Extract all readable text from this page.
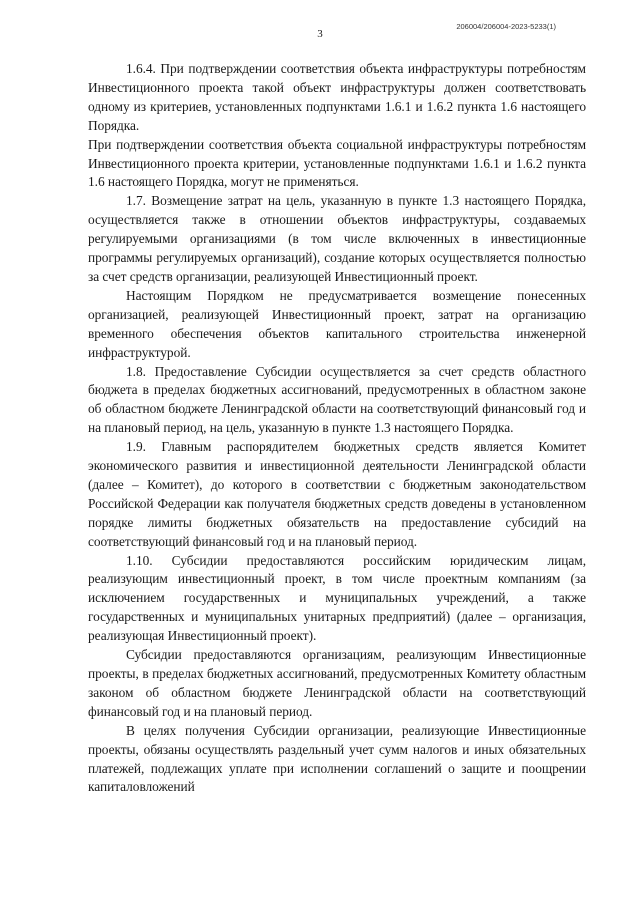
3
206004/206004-2023-5233(1)

1.6.4. При подтверждении соответствия объекта инфраструктуры потребностям Инвестиционного проекта такой объект инфраструктуры должен соответствовать одному из критериев, установленных подпунктами 1.6.1 и 1.6.2 пункта 1.6 настоящего Порядка.

При подтверждении соответствия объекта социальной инфраструктуры потребностям Инвестиционного проекта критерии, установленные подпунктами 1.6.1 и 1.6.2 пункта 1.6 настоящего Порядка, могут не применяться.

1.7. Возмещение затрат на цель, указанную в пункте 1.3 настоящего Порядка, осуществляется также в отношении объектов инфраструктуры, создаваемых регулируемыми организациями (в том числе включенных в инвестиционные программы регулируемых организаций), создание которых осуществляется полностью за счет средств организации, реализующей Инвестиционный проект.

Настоящим Порядком не предусматривается возмещение понесенных организацией, реализующей Инвестиционный проект, затрат на организацию временного обеспечения объектов капитального строительства инженерной инфраструктурой.

1.8. Предоставление Субсидии осуществляется за счет средств областного бюджета в пределах бюджетных ассигнований, предусмотренных в областном законе об областном бюджете Ленинградской области на соответствующий финансовый год и на плановый период, на цель, указанную в пункте 1.3 настоящего Порядка.

1.9. Главным распорядителем бюджетных средств является Комитет экономического развития и инвестиционной деятельности Ленинградской области (далее – Комитет), до которого в соответствии с бюджетным законодательством Российской Федерации как получателя бюджетных средств доведены в установленном порядке лимиты бюджетных обязательств на предоставление субсидий на соответствующий финансовый год и на плановый период.

1.10. Субсидии предоставляются российским юридическим лицам, реализующим инвестиционный проект, в том числе проектным компаниям (за исключением государственных и муниципальных учреждений, а также государственных и муниципальных унитарных предприятий) (далее – организация, реализующая Инвестиционный проект).

Субсидии предоставляются организациям, реализующим Инвестиционные проекты, в пределах бюджетных ассигнований, предусмотренных Комитету областным законом об областном бюджете Ленинградской области на соответствующий финансовый год и на плановый период.

В целях получения Субсидии организации, реализующие Инвестиционные проекты, обязаны осуществлять раздельный учет сумм налогов и иных обязательных платежей, подлежащих уплате при исполнении соглашений о защите и поощрении капиталовложений
